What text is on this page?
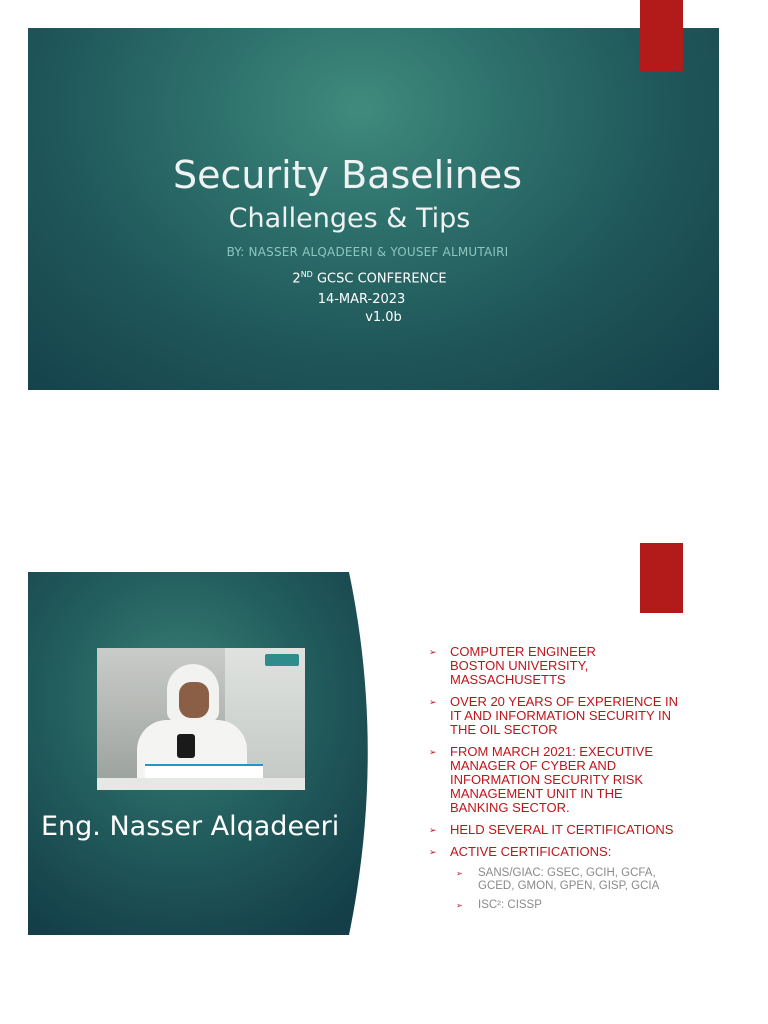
Security Baselines
Challenges & Tips
BY: NASSER ALQADEERI & YOUSEF ALMUTAIRI
2ND GCSC CONFERENCE
14-MAR-2023
v1.0b
Eng. Nasser Alqadeeri
➢ COMPUTER ENGINEER
BOSTON UNIVERSITY,
MASSACHUSETTS
➢ OVER 20 YEARS OF EXPERIENCE IN
IT AND INFORMATION SECURITY IN
THE OIL SECTOR
➢ FROM MARCH 2021: EXECUTIVE
MANAGER OF CYBER AND
INFORMATION SECURITY RISK
MANAGEMENT UNIT IN THE
BANKING SECTOR.
➢ HELD SEVERAL IT CERTIFICATIONS
➢ ACTIVE CERTIFICATIONS:
➢ SANS/GIAC: GSEC, GCIH, GCFA,
GCED, GMON, GPEN, GISP, GCIA
➢ ISC²: CISSP
